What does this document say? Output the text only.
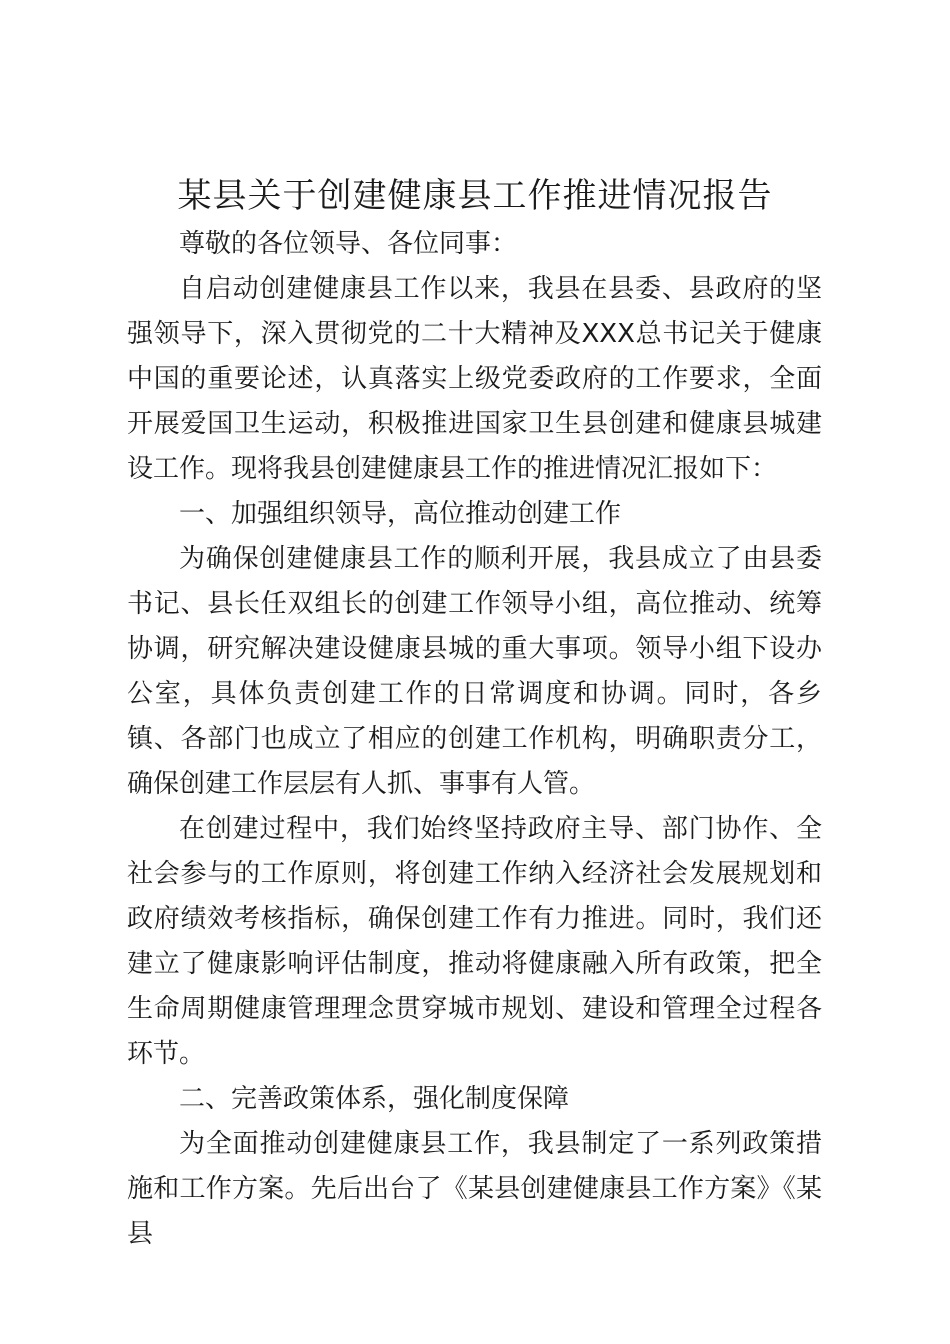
某县关于创建健康县工作推进情况报告

尊敬的各位领导、各位同事：

自启动创建健康县工作以来，我县在县委、县政府的坚强领导下，深入贯彻党的二十大精神及XXX总书记关于健康中国的重要论述，认真落实上级党委政府的工作要求，全面开展爱国卫生运动，积极推进国家卫生县创建和健康县城建设工作。现将我县创建健康县工作的推进情况汇报如下：

一、加强组织领导，高位推动创建工作

为确保创建健康县工作的顺利开展，我县成立了由县委书记、县长任双组长的创建工作领导小组，高位推动、统筹协调，研究解决建设健康县城的重大事项。领导小组下设办公室，具体负责创建工作的日常调度和协调。同时，各乡镇、各部门也成立了相应的创建工作机构，明确职责分工，确保创建工作层层有人抓、事事有人管。

在创建过程中，我们始终坚持政府主导、部门协作、全社会参与的工作原则，将创建工作纳入经济社会发展规划和政府绩效考核指标，确保创建工作有力推进。同时，我们还建立了健康影响评估制度，推动将健康融入所有政策，把全生命周期健康管理理念贯穿城市规划、建设和管理全过程各环节。

二、完善政策体系，强化制度保障

为全面推动创建健康县工作，我县制定了一系列政策措施和工作方案。先后出台了《某县创建健康县工作方案》《某县
